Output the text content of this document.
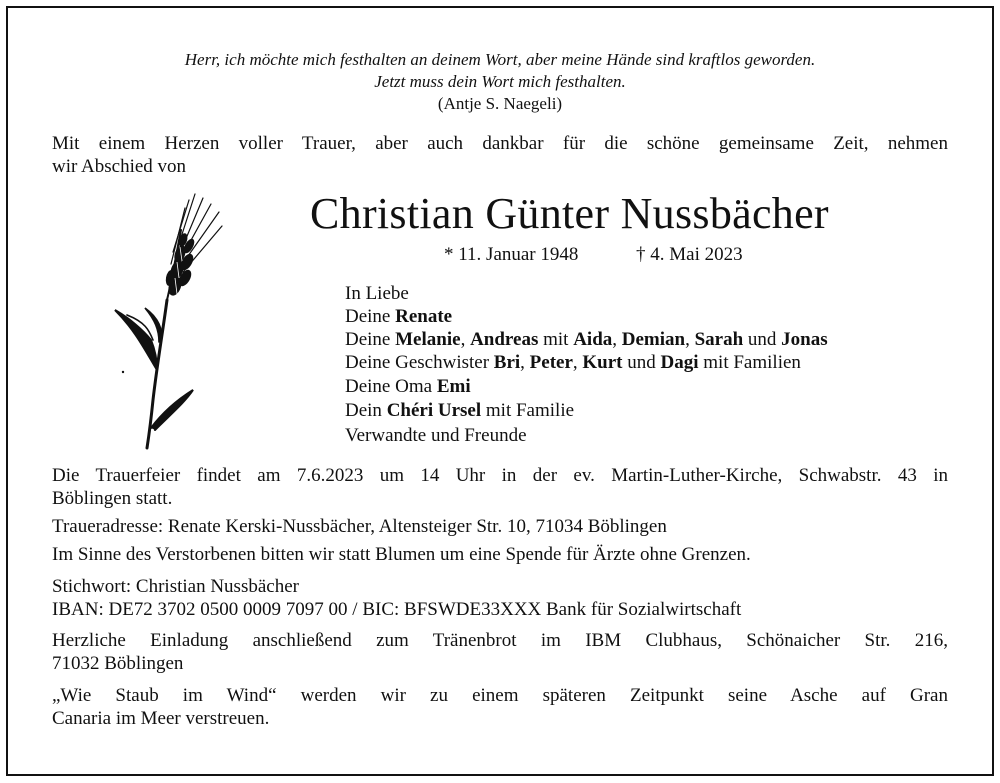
Herr, ich möchte mich festhalten an deinem Wort, aber meine Hände sind kraftlos geworden.
Jetzt muss dein Wort mich festhalten.
(Antje S. Naegeli)
Mit einem Herzen voller Trauer, aber auch dankbar für die schöne gemeinsame Zeit, nehmen
wir Abschied von
Christian Günter Nussbächer
* 11. Januar 1948	† 4. Mai 2023
In Liebe
Deine Renate
Deine Melanie, Andreas mit Aida, Demian, Sarah und Jonas
Deine Geschwister Bri, Peter, Kurt und Dagi mit Familien
Deine Oma Emi
Dein Chéri Ursel mit Familie
Verwandte und Freunde
Die Trauerfeier findet am 7.6.2023 um 14 Uhr in der ev. Martin-Luther-Kirche, Schwabstr. 43 in
Böblingen statt.
Traueradresse: Renate Kerski-Nussbächer, Altensteiger Str. 10, 71034 Böblingen
Im Sinne des Verstorbenen bitten wir statt Blumen um eine Spende für Ärzte ohne Grenzen.
Stichwort: Christian Nussbächer
IBAN: DE72 3702 0500 0009 7097 00 / BIC: BFSWDE33XXX Bank für Sozialwirtschaft
Herzliche Einladung anschließend zum Tränenbrot im IBM Clubhaus, Schönaicher Str. 216,
71032 Böblingen
„Wie Staub im Wind“ werden wir zu einem späteren Zeitpunkt seine Asche auf Gran
Canaria im Meer verstreuen.
